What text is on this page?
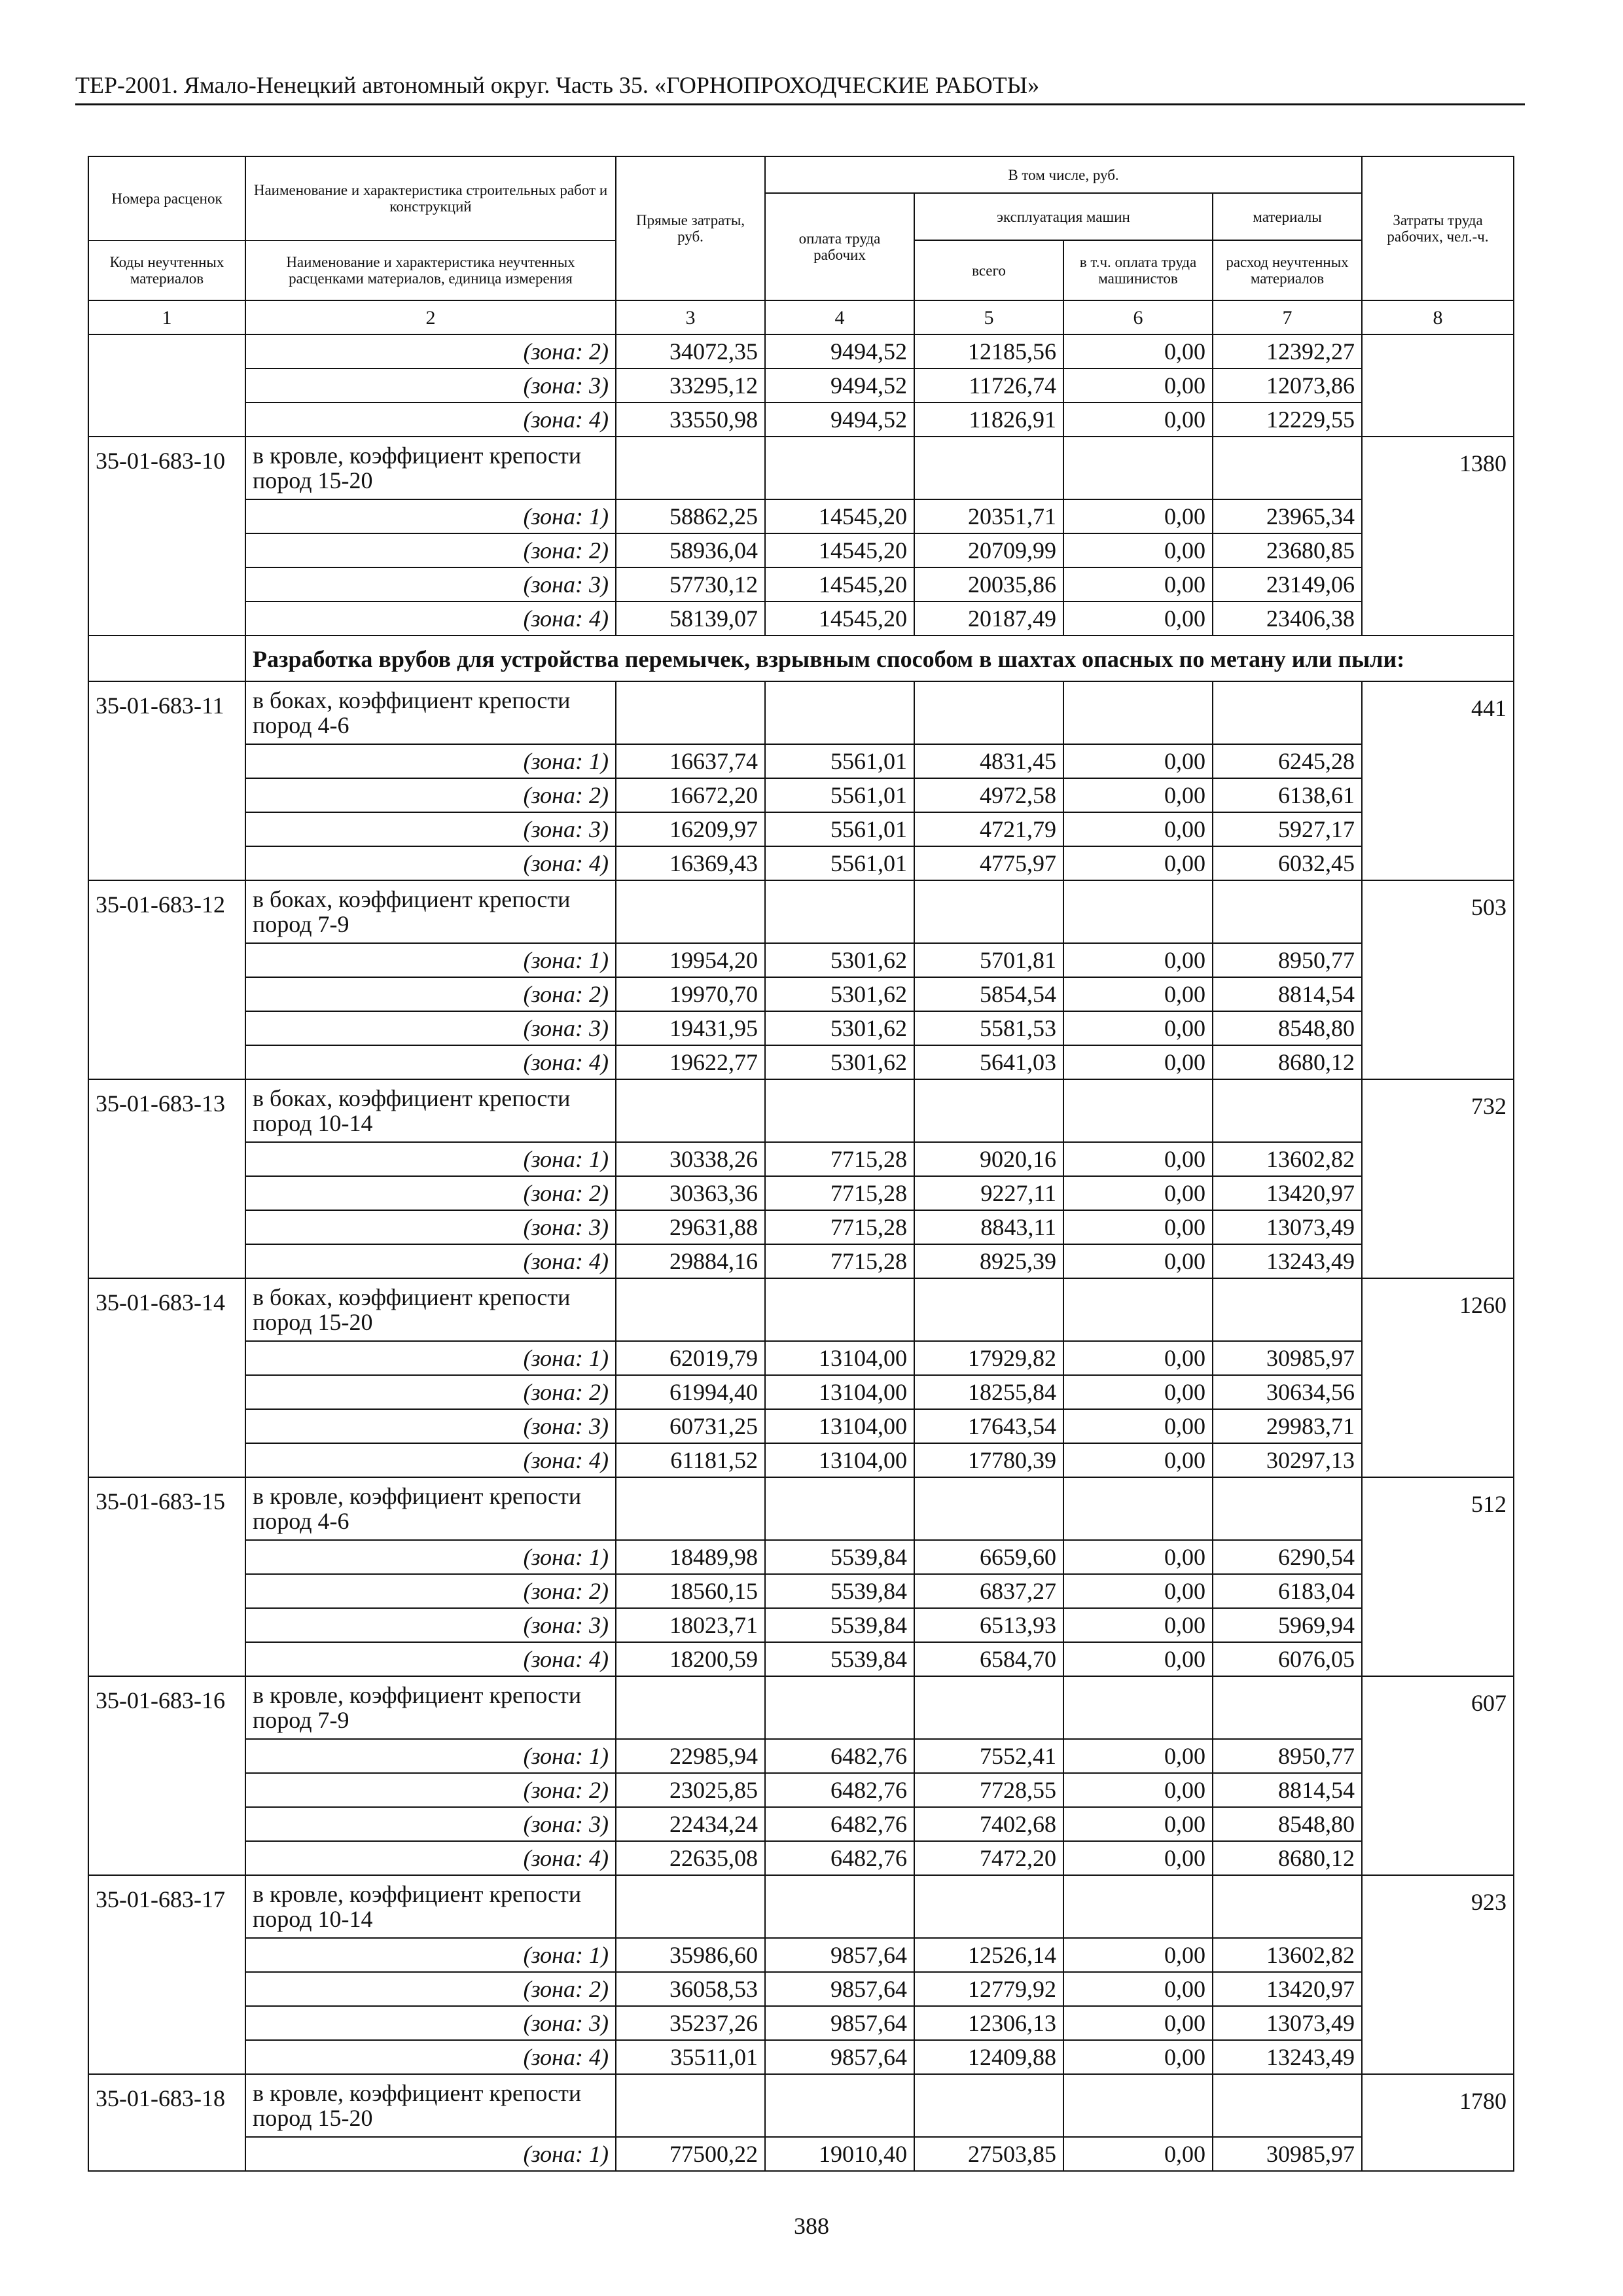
ТЕР-2001. Ямало-Ненецкий автономный округ. Часть 35. «ГОРНОПРОХОДЧЕСКИЕ РАБОТЫ»
Номера расценок	Наименование и характеристика строительных работ и конструкций	Прямые затраты, руб.	В том числе, руб.				Затраты труда рабочих, чел.-ч.
			оплата труда рабочих	эксплуатация машин		материалы	
Коды неучтенных материалов	Наименование и характеристика неучтенных расценками материалов, единица измерения			всего	в т.ч. оплата труда машинистов	расход неучтенных материалов	

1	2	3	4	5	6	7	8
	(зона: 2)	34072,35	9494,52	12185,56	0,00	12392,27	
	(зона: 3)	33295,12	9494,52	11726,74	0,00	12073,86	
	(зона: 4)	33550,98	9494,52	11826,91	0,00	12229,55	
35-01-683-10	в кровле, коэффициент крепости пород 15-20						1380
	(зона: 1)	58862,25	14545,20	20351,71	0,00	23965,34	
	(зона: 2)	58936,04	14545,20	20709,99	0,00	23680,85	
	(зона: 3)	57730,12	14545,20	20035,86	0,00	23149,06	
	(зона: 4)	58139,07	14545,20	20187,49	0,00	23406,38	
	Разработка врубов для устройства перемычек, взрывным способом в шахтах опасных по метану или пыли:						
35-01-683-11	в боках, коэффициент крепости пород 4-6						441
	(зона: 1)	16637,74	5561,01	4831,45	0,00	6245,28	
	(зона: 2)	16672,20	5561,01	4972,58	0,00	6138,61	
	(зона: 3)	16209,97	5561,01	4721,79	0,00	5927,17	
	(зона: 4)	16369,43	5561,01	4775,97	0,00	6032,45	
35-01-683-12	в боках, коэффициент крепости пород 7-9						503
	(зона: 1)	19954,20	5301,62	5701,81	0,00	8950,77	
	(зона: 2)	19970,70	5301,62	5854,54	0,00	8814,54	
	(зона: 3)	19431,95	5301,62	5581,53	0,00	8548,80	
	(зона: 4)	19622,77	5301,62	5641,03	0,00	8680,12	
35-01-683-13	в боках, коэффициент крепости пород 10-14						732
	(зона: 1)	30338,26	7715,28	9020,16	0,00	13602,82	
	(зона: 2)	30363,36	7715,28	9227,11	0,00	13420,97	
	(зона: 3)	29631,88	7715,28	8843,11	0,00	13073,49	
	(зона: 4)	29884,16	7715,28	8925,39	0,00	13243,49	
35-01-683-14	в боках, коэффициент крепости пород 15-20						1260
	(зона: 1)	62019,79	13104,00	17929,82	0,00	30985,97	
	(зона: 2)	61994,40	13104,00	18255,84	0,00	30634,56	
	(зона: 3)	60731,25	13104,00	17643,54	0,00	29983,71	
	(зона: 4)	61181,52	13104,00	17780,39	0,00	30297,13	
35-01-683-15	в кровле, коэффициент крепости пород 4-6						512
	(зона: 1)	18489,98	5539,84	6659,60	0,00	6290,54	
	(зона: 2)	18560,15	5539,84	6837,27	0,00	6183,04	
	(зона: 3)	18023,71	5539,84	6513,93	0,00	5969,94	
	(зона: 4)	18200,59	5539,84	6584,70	0,00	6076,05	
35-01-683-16	в кровле, коэффициент крепости пород 7-9						607
	(зона: 1)	22985,94	6482,76	7552,41	0,00	8950,77	
	(зона: 2)	23025,85	6482,76	7728,55	0,00	8814,54	
	(зона: 3)	22434,24	6482,76	7402,68	0,00	8548,80	
	(зона: 4)	22635,08	6482,76	7472,20	0,00	8680,12	
35-01-683-17	в кровле, коэффициент крепости пород 10-14						923
	(зона: 1)	35986,60	9857,64	12526,14	0,00	13602,82	
	(зона: 2)	36058,53	9857,64	12779,92	0,00	13420,97	
	(зона: 3)	35237,26	9857,64	12306,13	0,00	13073,49	
	(зона: 4)	35511,01	9857,64	12409,88	0,00	13243,49	
35-01-683-18	в кровле, коэффициент крепости пород 15-20						1780
	(зона: 1)	77500,22	19010,40	27503,85	0,00	30985,97	
388
